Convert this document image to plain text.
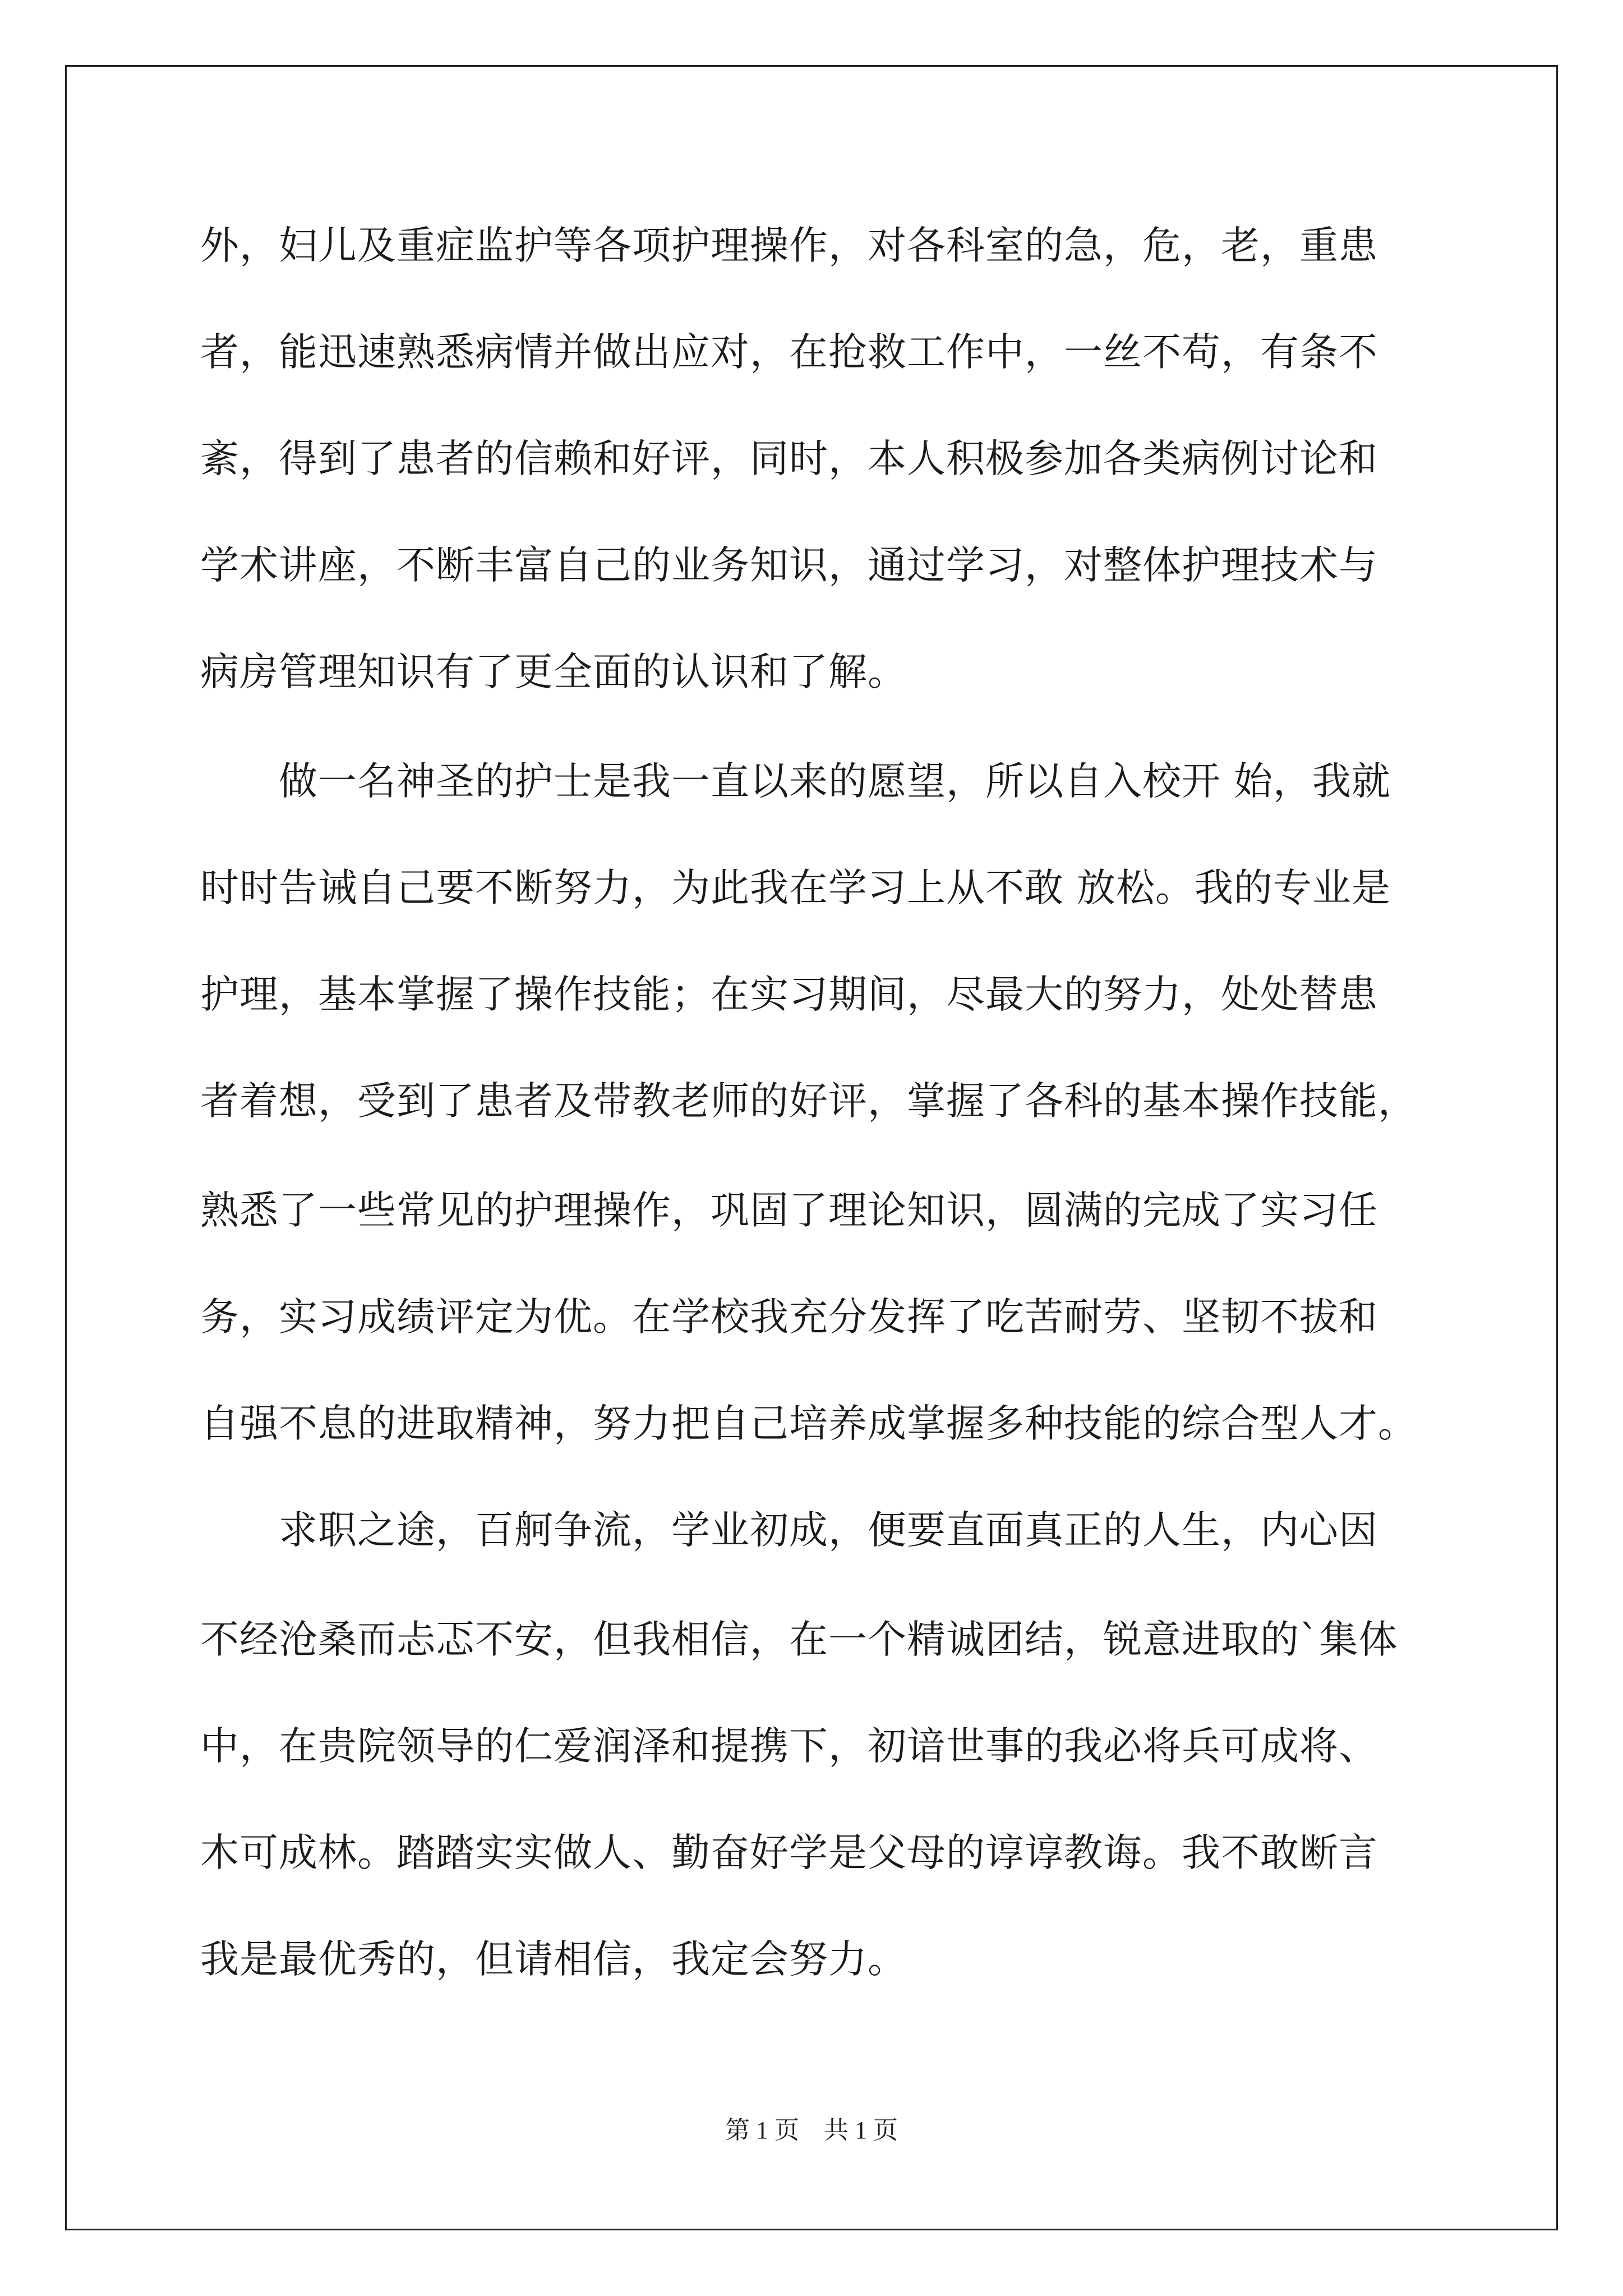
外，妇儿及重症监护等各项护理操作，对各科室的急，危，老，重患
者，能迅速熟悉病情并做出应对，在抢救工作中，一丝不苟，有条不
紊，得到了患者的信赖和好评，同时，本人积极参加各类病例讨论和
学术讲座，不断丰富自己的业务知识，通过学习，对整体护理技术与
病房管理知识有了更全面的认识和了解。
　　做一名神圣的护士是我一直以来的愿望，所以自入校开 始，我就
时时告诫自己要不断努力，为此我在学习上从不敢 放松。我的专业是
护理，基本掌握了操作技能；在实习期间，尽最大的努力，处处替患
者着想，受到了患者及带教老师的好评，掌握了各科的基本操作技能，
熟悉了一些常见的护理操作，巩固了理论知识，圆满的完成了实习任
务，实习成绩评定为优。在学校我充分发挥了吃苦耐劳、坚韧不拔和
自强不息的进取精神，努力把自己培养成掌握多种技能的综合型人才。
　　求职之途，百舸争流，学业初成，便要直面真正的人生，内心因
不经沧桑而忐忑不安，但我相信，在一个精诚团结，锐意进取的`集体
中，在贵院领导的仁爱润泽和提携下，初谙世事的我必将兵可成将、
木可成林。踏踏实实做人、勤奋好学是父母的谆谆教诲。我不敢断言
我是最优秀的，但请相信，我定会努力。
第 1 页　共 1 页
